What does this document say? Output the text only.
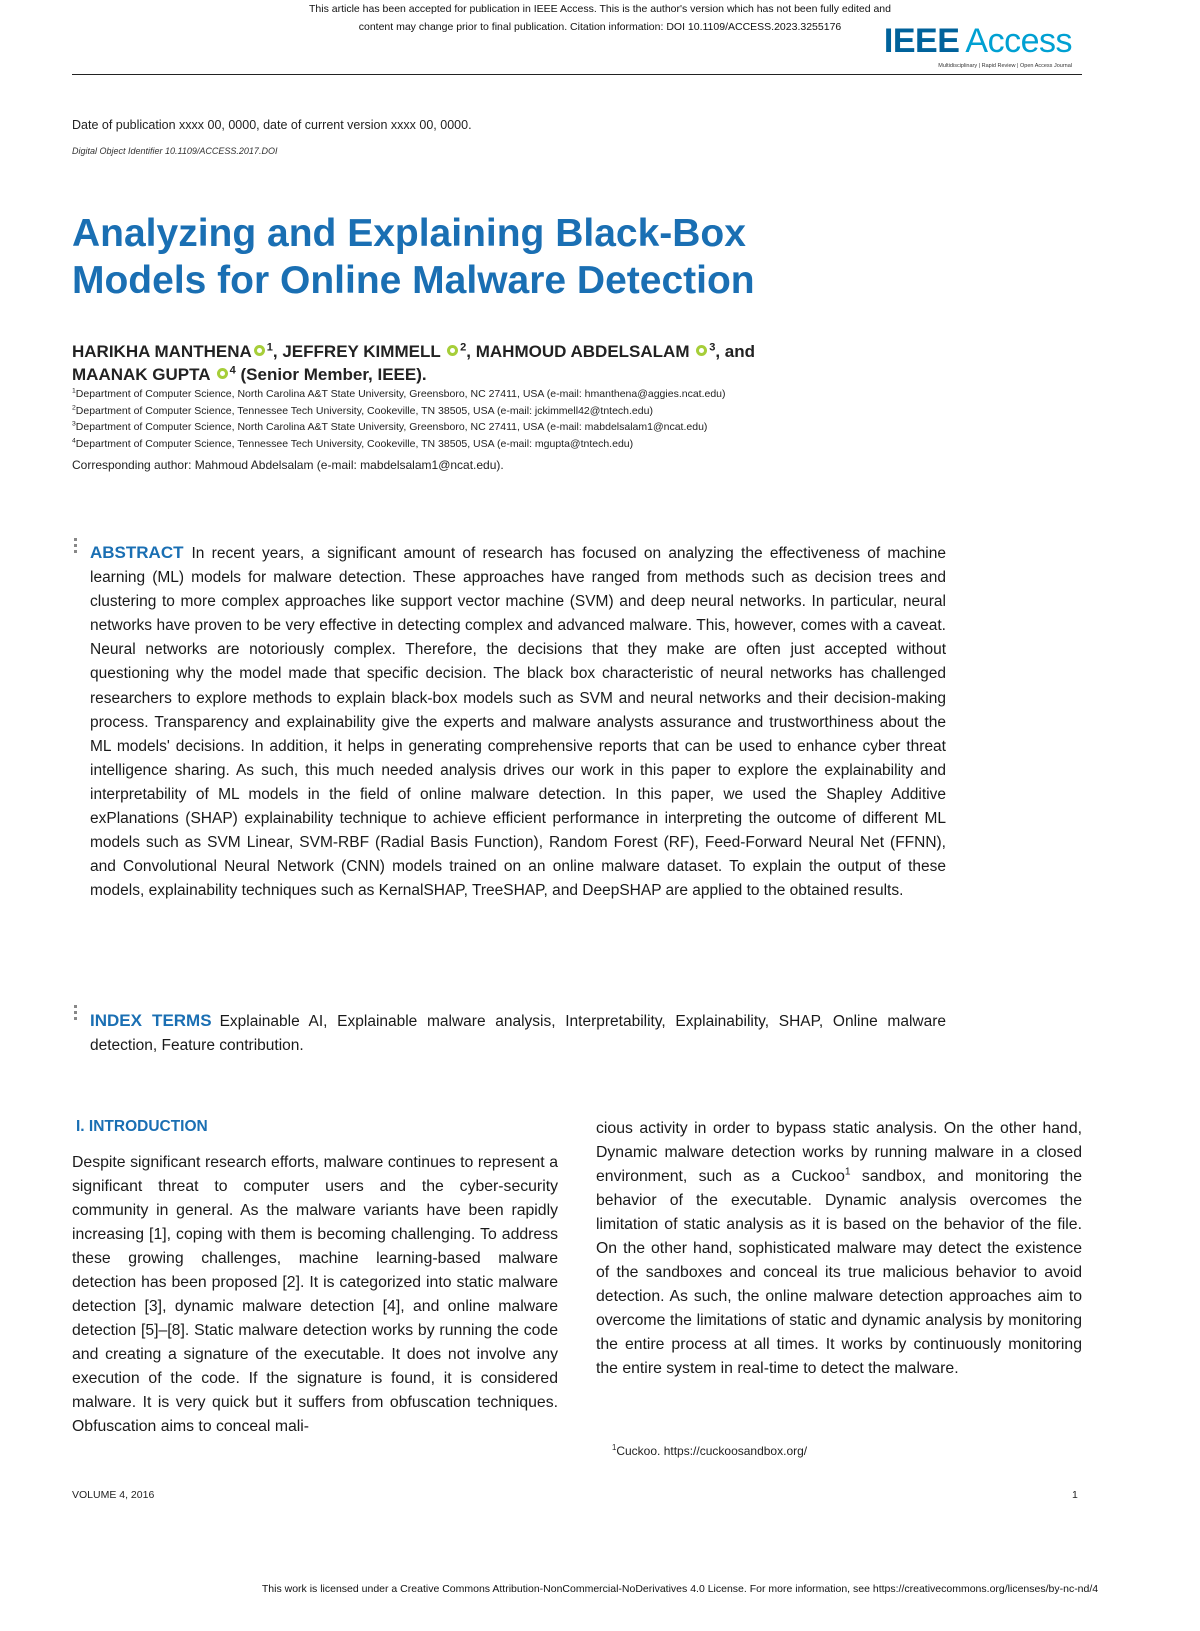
This article has been accepted for publication in IEEE Access. This is the author's version which has not been fully edited and
content may change prior to final publication. Citation information: DOI 10.1109/ACCESS.2023.3255176	IEEE Access
Multidisciplinary | Rapid Review | Open Access Journal
Date of publication xxxx 00, 0000, date of current version xxxx 00, 0000.
Digital Object Identifier 10.1109/ACCESS.2017.DOI
Analyzing and Explaining Black-Box
Models for Online Malware Detection
HARIKHA MANTHENA $^1$, JEFFREY KIMMELL $^2$, MAHMOUD ABDELSALAM $^3$, and
MAANAK GUPTA $^4$ (Senior Member, IEEE).
$^1$Department of Computer Science, North Carolina A&T State University, Greensboro, NC 27411, USA (e-mail: hmanthena@aggies.ncat.edu)
$^2$Department of Computer Science, Tennessee Tech University, Cookeville, TN 38505, USA (e-mail: jckimmell42@tntech.edu)
$^3$Department of Computer Science, North Carolina A&T State University, Greensboro, NC 27411, USA (e-mail: mabdelsalam1@ncat.edu)
$^4$Department of Computer Science, Tennessee Tech University, Cookeville, TN 38505, USA (e-mail: mgupta@tntech.edu)
Corresponding author: Mahmoud Abdelsalam (e-mail: mabdelsalam1@ncat.edu).
ABSTRACT In recent years, a significant amount of research has focused on analyzing the effectiveness of machine learning (ML) models for malware detection. These approaches have ranged from methods such as decision trees and clustering to more complex approaches like support vector machine (SVM) and deep neural networks. In particular, neural networks have proven to be very effective in detecting complex and advanced malware. This, however, comes with a caveat. Neural networks are notoriously complex. Therefore, the decisions that they make are often just accepted without questioning why the model made that specific decision. The black box characteristic of neural networks has challenged researchers to explore methods to explain black-box models such as SVM and neural networks and their decision-making process. Transparency and explainability give the experts and malware analysts assurance and trustworthiness about the ML models' decisions. In addition, it helps in generating comprehensive reports that can be used to enhance cyber threat intelligence sharing. As such, this much needed analysis drives our work in this paper to explore the explainability and interpretability of ML models in the field of online malware detection. In this paper, we used the Shapley Additive exPlanations (SHAP) explainability technique to achieve efficient performance in interpreting the outcome of different ML models such as SVM Linear, SVM-RBF (Radial Basis Function), Random Forest (RF), Feed-Forward Neural Net (FFNN), and Convolutional Neural Network (CNN) models trained on an online malware dataset. To explain the output of these models, explainability techniques such as KernalSHAP, TreeSHAP, and DeepSHAP are applied to the obtained results.
INDEX TERMS Explainable AI, Explainable malware analysis, Interpretability, Explainability, SHAP, Online malware detection, Feature contribution.
I. INTRODUCTION
Despite significant research efforts, malware continues to represent a significant threat to computer users and the cyber-security community in general. As the malware variants have been rapidly increasing [1], coping with them is becoming challenging. To address these growing challenges, machine learning-based malware detection has been proposed [2]. It is categorized into static malware detection [3], dynamic malware detection [4], and online malware detection [5]–[8]. Static malware detection works by running the code and creating a signature of the executable. It does not involve any execution of the code. If the signature is found, it is considered malware. It is very quick but it suffers from obfuscation techniques. Obfuscation aims to conceal mali-
cious activity in order to bypass static analysis. On the other hand, Dynamic malware detection works by running malware in a closed environment, such as a Cuckoo$^1$ sandbox, and monitoring the behavior of the executable. Dynamic analysis overcomes the limitation of static analysis as it is based on the behavior of the file. On the other hand, sophisticated malware may detect the existence of the sandboxes and conceal its true malicious behavior to avoid detection. As such, the online malware detection approaches aim to overcome the limitations of static and dynamic analysis by monitoring the entire process at all times. It works by continuously monitoring the entire system in real-time to detect the malware.
$^1$Cuckoo. https://cuckoosandbox.org/
VOLUME 4, 2016	1
This work is licensed under a Creative Commons Attribution-NonCommercial-NoDerivatives 4.0 License. For more information, see https://creativecommons.org/licenses/by-nc-nd/4
